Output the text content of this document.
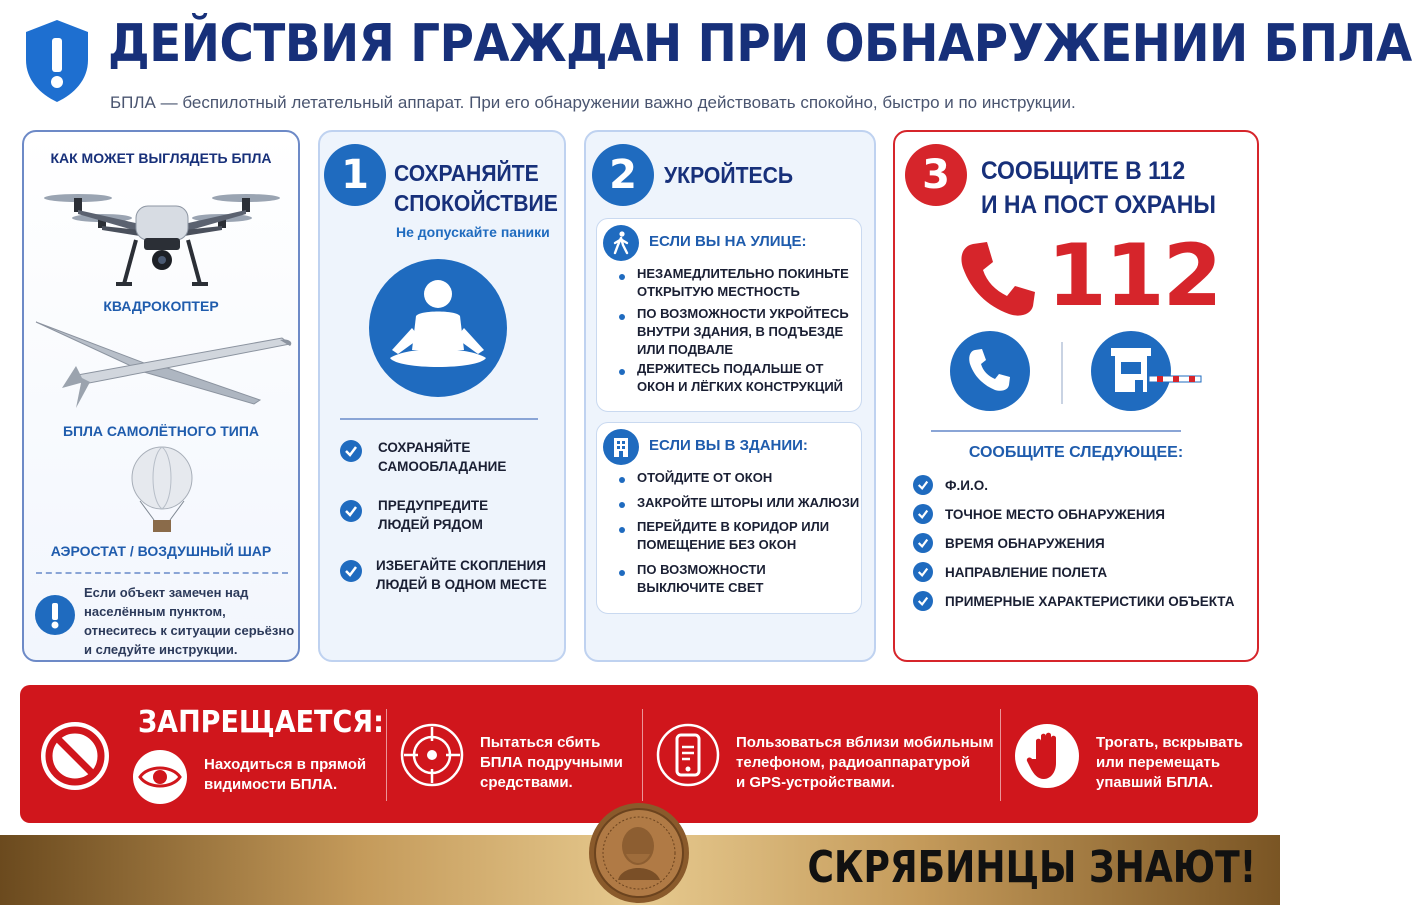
ДЕЙСТВИЯ ГРАЖДАН ПРИ ОБНАРУЖЕНИИ БПЛА
БПЛА — беспилотный летательный аппарат. При его обнаружении важно действовать спокойно, быстро и по инструкции.
КАК МОЖЕТ ВЫГЛЯДЕТЬ БПЛА
КВАДРОКОПТЕР
БПЛА САМОЛЁТНОГО ТИПА
АЭРОСТАТ / ВОЗДУШНЫЙ ШАР
Если объект замечен над
населённым пунктом,
отнеситесь к ситуации серьёзно
и следуйте инструкции.
1	СОХРАНЯЙТЕ
СПОКОЙСТВИЕ
Не допускайте паники
СОХРАНЯЙТЕ
САМООБЛАДАНИЕ
ПРЕДУПРЕДИТЕ
ЛЮДЕЙ РЯДОМ
ИЗБЕГАЙТЕ СКОПЛЕНИЯ
ЛЮДЕЙ В ОДНОМ МЕСТЕ
2	УКРОЙТЕСЬ
ЕСЛИ ВЫ НА УЛИЦЕ:
НЕЗАМЕДЛИТЕЛЬНО ПОКИНЬТЕ
ОТКРЫТУЮ МЕСТНОСТЬ
ПО ВОЗМОЖНОСТИ УКРОЙТЕСЬ
ВНУТРИ ЗДАНИЯ, В ПОДЪЕЗДЕ
ИЛИ ПОДВАЛЕ
ДЕРЖИТЕСЬ ПОДАЛЬШЕ ОТ
ОКОН И ЛЁГКИХ КОНСТРУКЦИЙ
ЕСЛИ ВЫ В ЗДАНИИ:
ОТОЙДИТЕ ОТ ОКОН
ЗАКРОЙТЕ ШТОРЫ ИЛИ ЖАЛЮЗИ
ПЕРЕЙДИТЕ В КОРИДОР ИЛИ
ПОМЕЩЕНИЕ БЕЗ ОКОН
ПО ВОЗМОЖНОСТИ
ВЫКЛЮЧИТЕ СВЕТ
3	СООБЩИТЕ В 112
И НА ПОСТ ОХРАНЫ
112
СООБЩИТЕ СЛЕДУЮЩЕЕ:
Ф.И.О.
ТОЧНОЕ МЕСТО ОБНАРУЖЕНИЯ
ВРЕМЯ ОБНАРУЖЕНИЯ
НАПРАВЛЕНИЕ ПОЛЕТА
ПРИМЕРНЫЕ ХАРАКТЕРИСТИКИ ОБЪЕКТА
ЗАПРЕЩАЕТСЯ:
Находиться в прямой
видимости БПЛА.
Пытаться сбить
БПЛА подручными
средствами.
Пользоваться вблизи мобильным
телефоном, радиоаппаратурой
и GPS-устройствами.
Трогать, вскрывать
или перемещать
упавший БПЛА.
СКРЯБИНЦЫ ЗНАЮТ!
